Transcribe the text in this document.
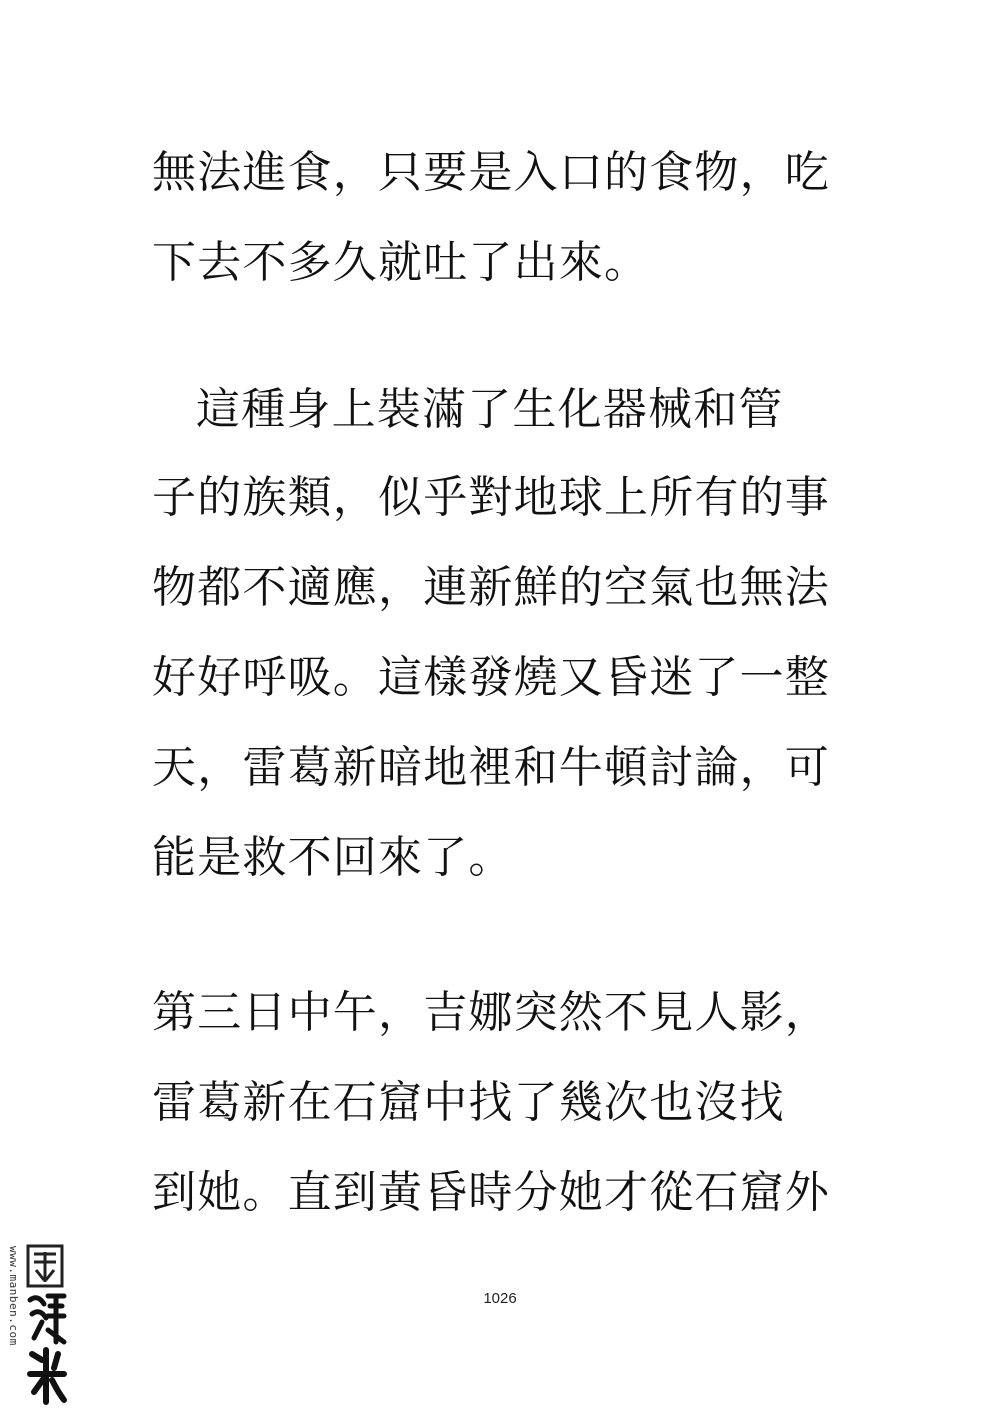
無法進食，只要是入口的食物，吃
下去不多久就吐了出來。
這種身上裝滿了生化器械和管
子的族類，似乎對地球上所有的事
物都不適應，連新鮮的空氣也無法
好好呼吸。這樣發燒又昏迷了一整
天，雷葛新暗地裡和牛頓討論，可
能是救不回來了。
第三日中午，吉娜突然不見人影，
雷葛新在石窟中找了幾次也沒找
到她。直到黃昏時分她才從石窟外
1026
www.manben.com
